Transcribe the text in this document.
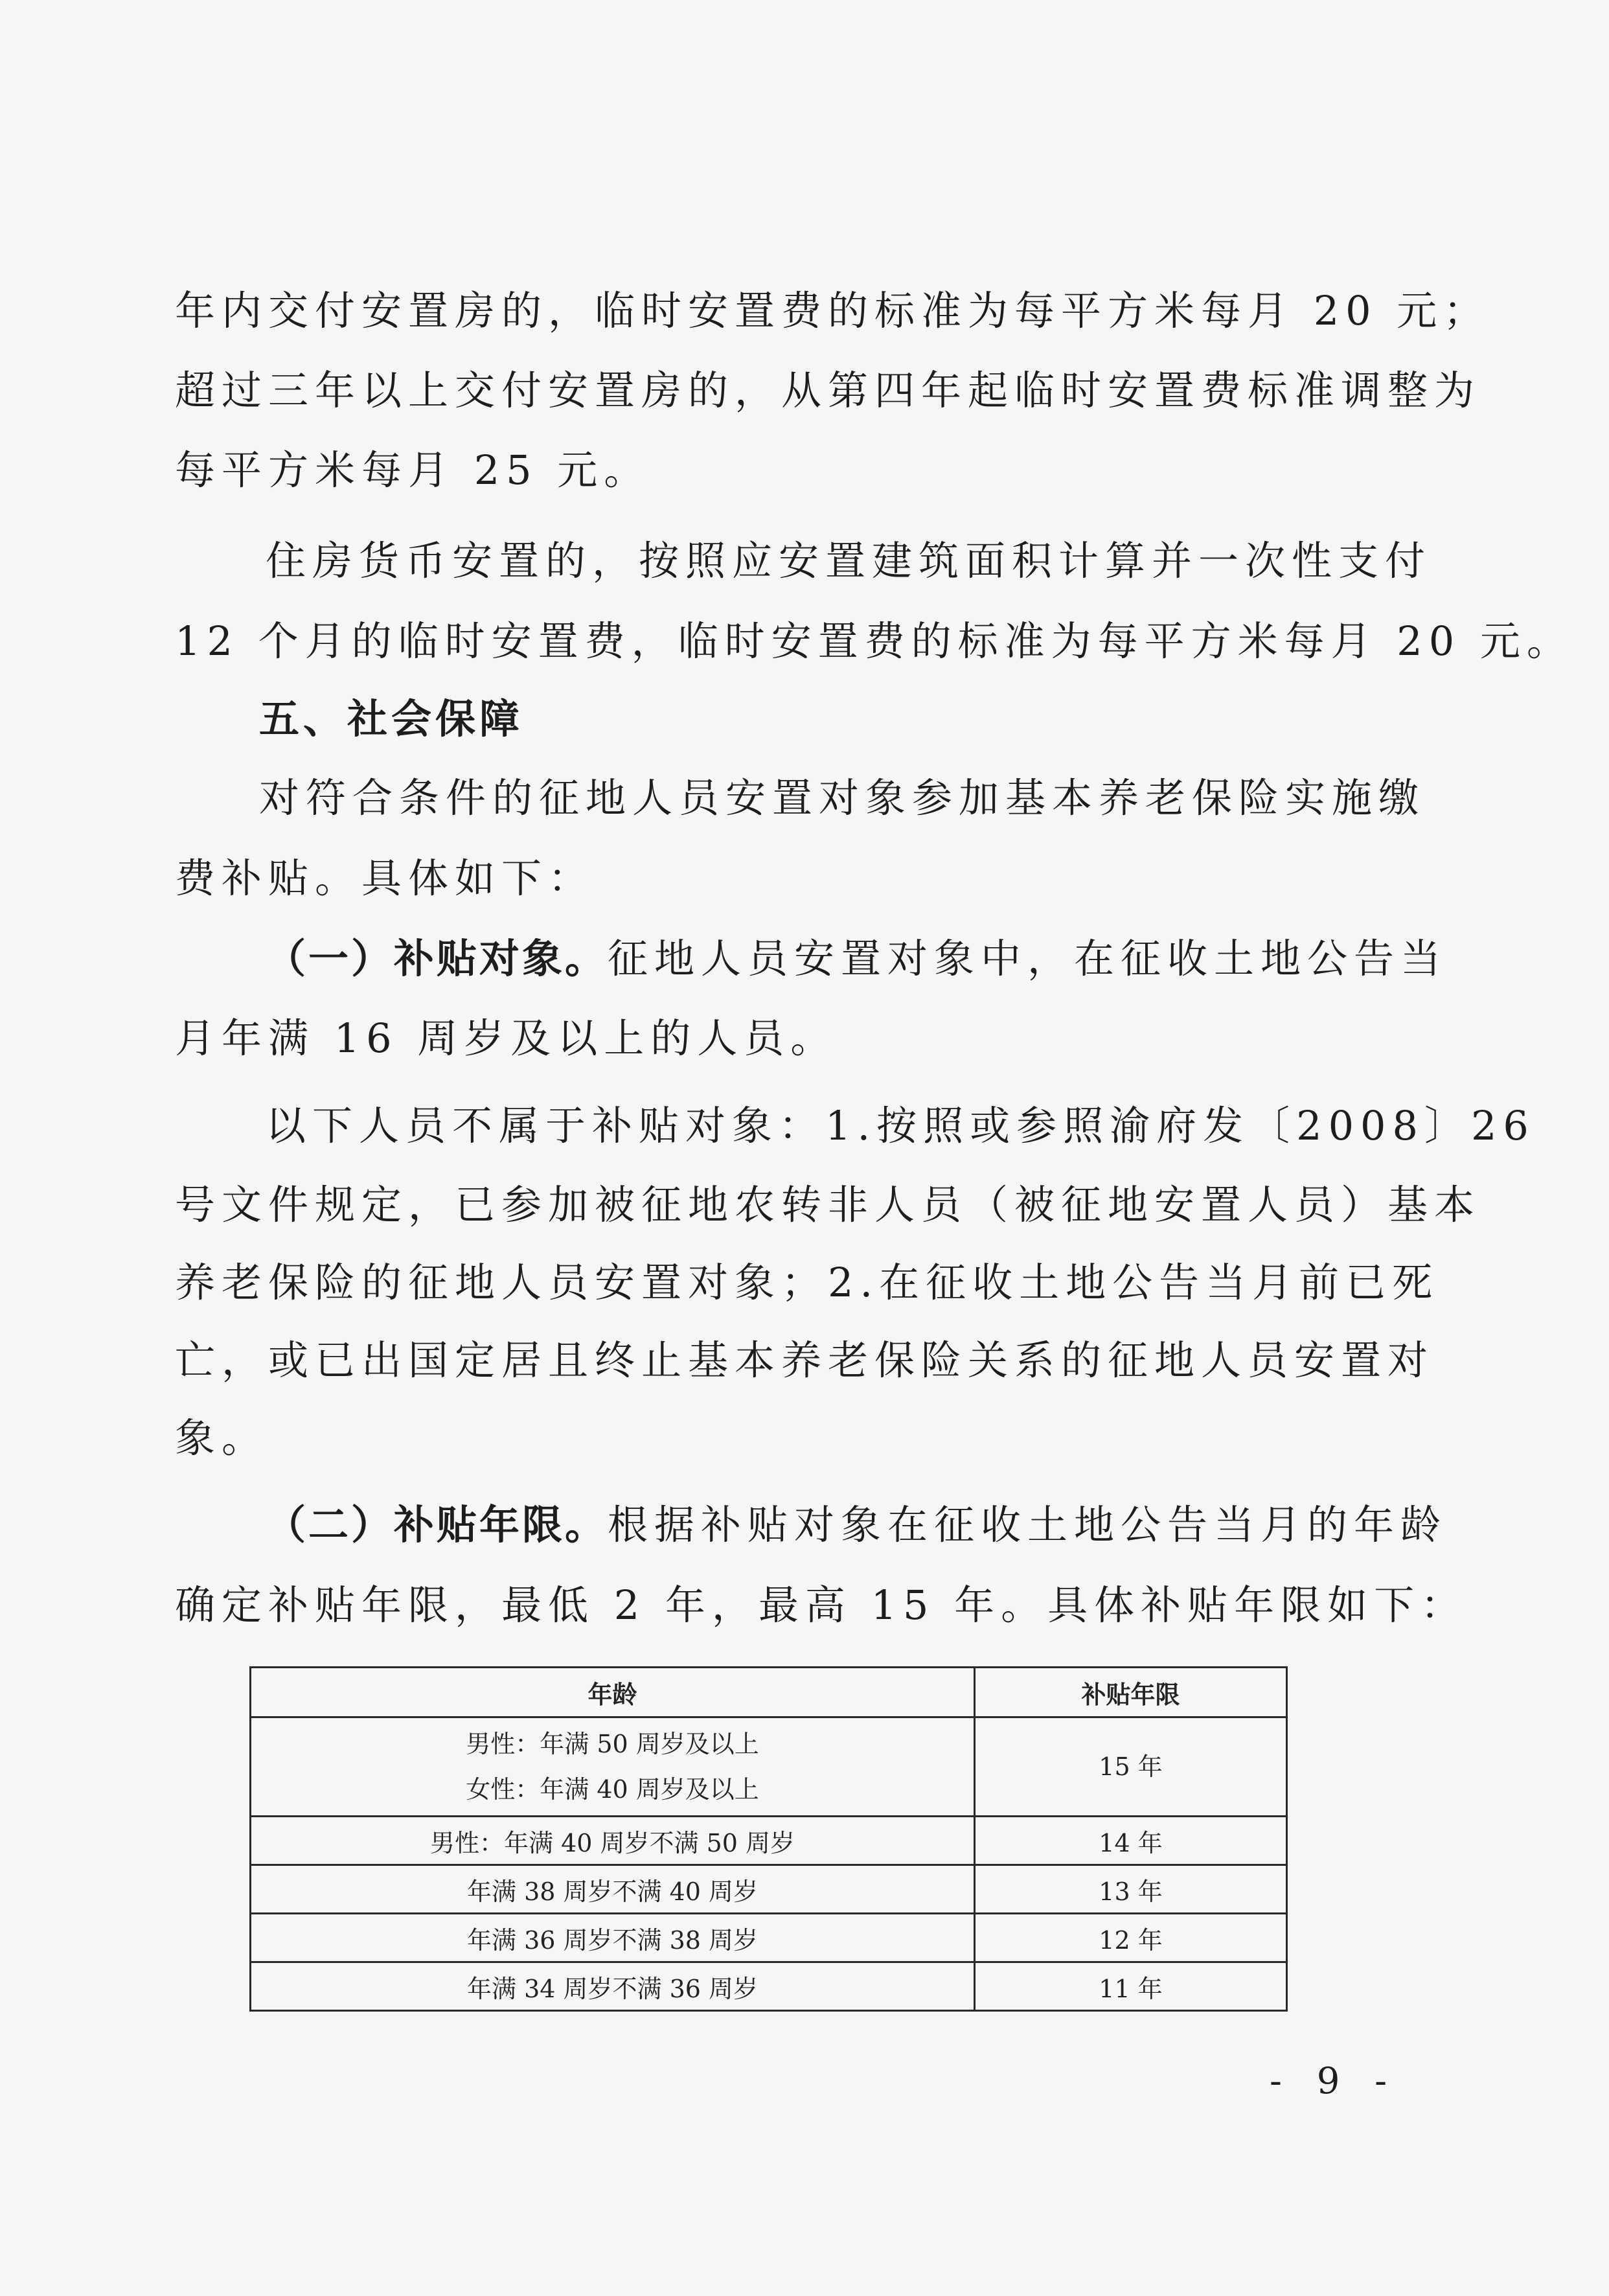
年内交付安置房的，临时安置费的标准为每平方米每月 20 元；
超过三年以上交付安置房的，从第四年起临时安置费标准调整为
每平方米每月 25 元。
住房货币安置的，按照应安置建筑面积计算并一次性支付
12 个月的临时安置费，临时安置费的标准为每平方米每月 20 元。
五、社会保障
对符合条件的征地人员安置对象参加基本养老保险实施缴
费补贴。具体如下：
（一）补贴对象。征地人员安置对象中，在征收土地公告当
月年满 16 周岁及以上的人员。
以下人员不属于补贴对象：1.按照或参照渝府发〔2008〕26
号文件规定，已参加被征地农转非人员（被征地安置人员）基本
养老保险的征地人员安置对象；2.在征收土地公告当月前已死
亡，或已出国定居且终止基本养老保险关系的征地人员安置对
象。
（二）补贴年限。根据补贴对象在征收土地公告当月的年龄
确定补贴年限，最低 2 年，最高 15 年。具体补贴年限如下：
年龄	补贴年限

男性：年满 50 周岁及以上
女性：年满 40 周岁及以上	15 年
男性：年满 40 周岁不满 50 周岁	14 年
年满 38 周岁不满 40 周岁	13 年
年满 36 周岁不满 38 周岁	12 年
年满 34 周岁不满 36 周岁	11 年
- 9 -
